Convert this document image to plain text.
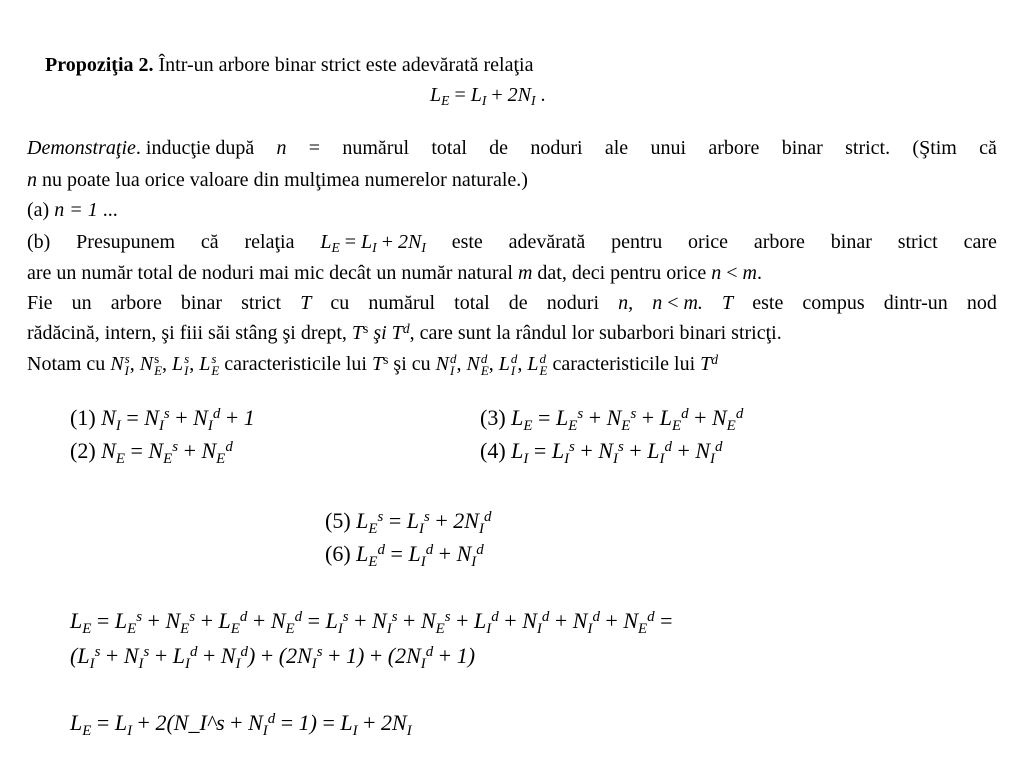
Propoziţia 2. Într-un arbore binar strict este adevărată relaţia
$L_E = L_I + 2N_I$ .
Demonstraţie. inducţie după n = numărul total de noduri ale unui arbore binar strict. (Ştim că
n nu poate lua orice valoare din mulţimea numerelor naturale.)
(a) n = 1 ...
(b) Presupunem că relaţia $L_E = L_I + 2N_I$ este adevărată pentru orice arbore binar strict care
are un număr total de noduri mai mic decât un număr natural m dat, deci pentru orice n < m.
Fie un arbore binar strict T cu numărul total de noduri n, n < m. T este compus dintr-un nod
rădăcină, intern, şi fiii săi stâng şi drept, $T^s$ şi $T^d$, care sunt la rândul lor subarbori binari stricţi.
Notam cu N s
I , N s
E , L s
I , L s
E caracteristicile lui $T^s$ şi cu N d
I , N d
E , L d
I , L d
E caracteristicile lui $T^d$
(1) $N_I = N_I^s + N_I^d + 1$
(2) $N_E = N_E^s + N_E^d$
(3) $L_E = L_E^s + N_E^s + L_E^d + N_E^d$
(4) $L_I = L_I^s + N_I^s + L_I^d + N_I^d$
(5) $L_E^s = L_I^s + 2N_I^d$
(6) $L_E^d = L_I^d + N_I^d$
$L_E = L_E^s + N_E^s + L_E^d + N_E^d = L_I^s + N_I^s + N_E^s + L_I^d + N_I^d + N_I^d + N_E^d$ =
$(L_I^s + N_I^s + L_I^d + N_I^d) + (2N_I^s + 1) + (2N_I^d + 1)$
$L_E = L_I$ + 2(N_I^s + $N_I^d = 1) = L_I + 2N_I$
